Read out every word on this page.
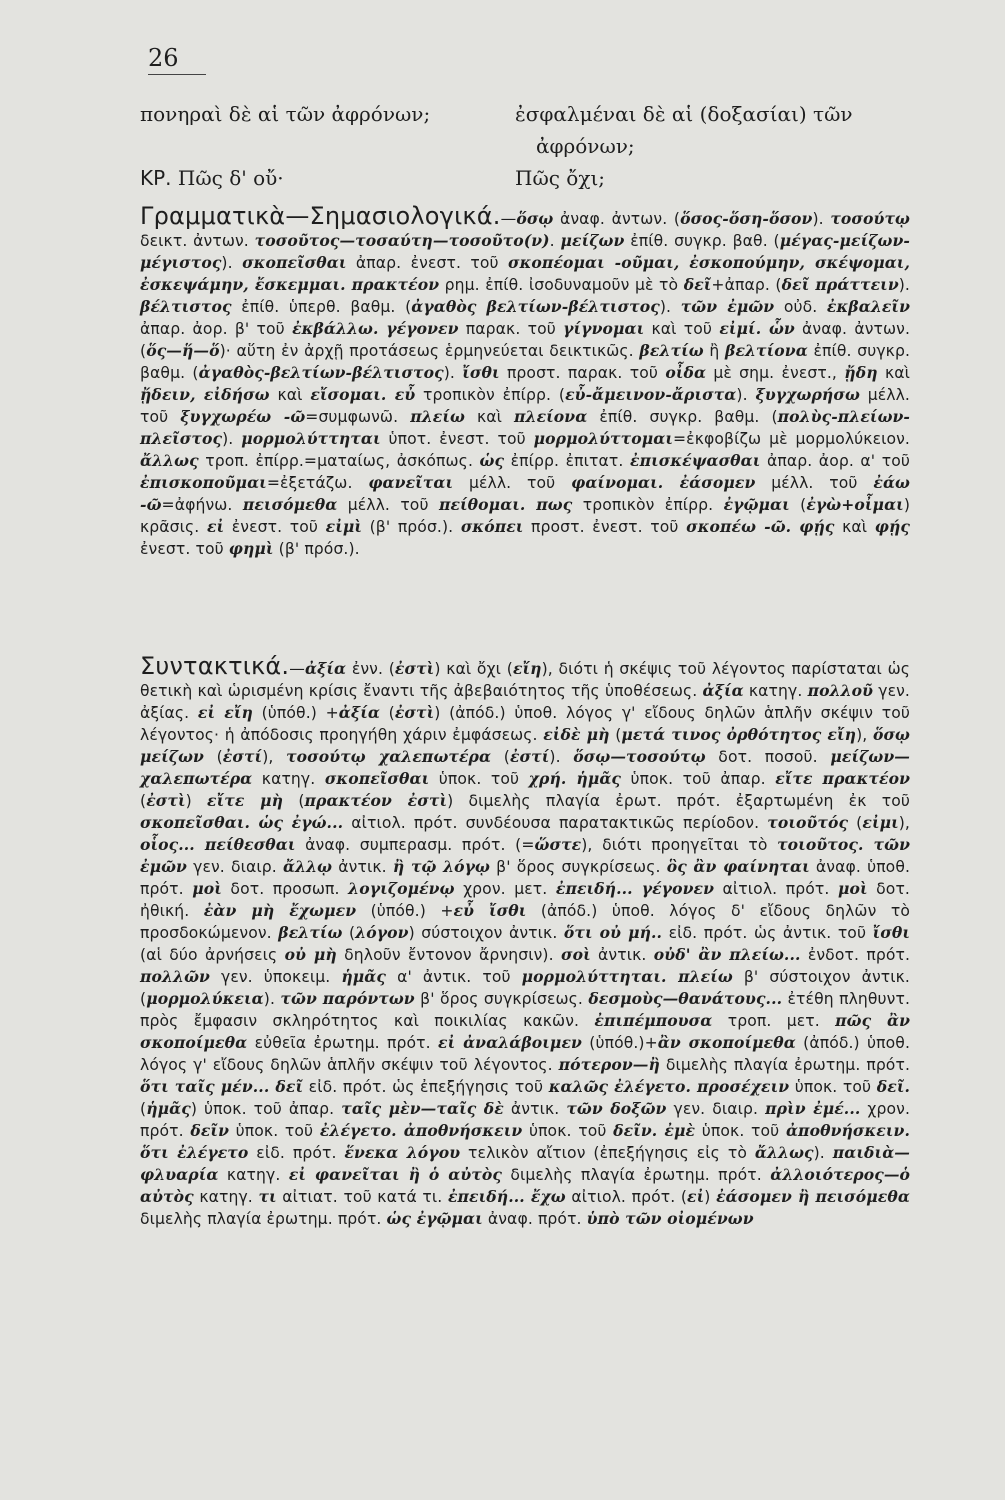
26
πονηραὶ δὲ αἱ τῶν ἀφρόνων;	ἐσφαλμέναι δὲ αἱ (δοξασίαι) τῶν
ἀφρόνων;
ΚΡ. Πῶς δ' οὔ·	Πῶς ὄχι;
Γραμματικὰ—Σημασιολογικά.—ὅσῳ ἀναφ. ἀντων. (ὅσος-ὅση-ὅσον). τοσούτῳ δεικτ. ἀντων. τοσοῦτος—τοσαύτη—τοσοῦτο(ν). μείζων ἐπίθ. συγκρ. βαθ. (μέγας-μείζων-μέγιστος). σκοπεῖσθαι ἀπαρ. ἐνεστ. τοῦ σκοπέομαι -οῦμαι, ἐσκοπούμην, σκέψομαι, ἐσκεψάμην, ἔσκεμμαι. πρακτέον ρημ. ἐπίθ. ἰσοδυναμοῦν μὲ τὸ δεῖ+ἀπαρ. (δεῖ πράττειν). βέλτιστος ἐπίθ. ὑπερθ. βαθμ. (ἀγαθὸς βελτίων-βέλτιστος). τῶν ἐμῶν οὐδ. ἐκβαλεῖν ἀπαρ. ἀορ. β' τοῦ ἐκβάλλω. γέγονεν παρακ. τοῦ γίγνομαι καὶ τοῦ εἰμί. ὧν ἀναφ. ἀντων. (ὅς—ἥ—ὅ)· αὕτη ἐν ἀρχῇ προτάσεως ἑρμηνεύεται δεικτικῶς. βελτίω ἢ βελτίονα ἐπίθ. συγκρ. βαθμ. (ἀγαθὸς-βελτίων-βέλτιστος). ἴσθι προστ. παρακ. τοῦ οἶδα μὲ σημ. ἐνεστ., ᾔδη καὶ ᾔδειν, εἰδήσω καὶ εἴσομαι. εὖ τροπικὸν ἐπίρρ. (εὖ-ἄμεινον-ἄριστα). ξυγχωρήσω μέλλ. τοῦ ξυγχωρέω -ῶ=συμφωνῶ. πλείω καὶ πλείονα ἐπίθ. συγκρ. βαθμ. (πολὺς-πλείων-πλεῖστος). μορμολύττηται ὑποτ. ἐνεστ. τοῦ μορμολύττομαι=ἐκφοβίζω μὲ μορμολύκειον. ἄλλως τροπ. ἐπίρρ.=ματαίως, ἀσκόπως. ὡς ἐπίρρ. ἐπιτατ. ἐπισκέψασθαι ἀπαρ. ἀορ. α' τοῦ ἐπισκοποῦμαι=ἐξετάζω. φανεῖται μέλλ. τοῦ φαίνομαι. ἐάσομεν μέλλ. τοῦ ἐάω -ῶ=ἀφήνω. πεισόμεθα μέλλ. τοῦ πείθομαι. πως τροπικὸν ἐπίρρ. ἐγῷμαι (ἐγὼ+οἶμαι) κρᾶσις. εἰ ἐνεστ. τοῦ εἰμὶ (β' πρόσ.). σκόπει προστ. ἐνεστ. τοῦ σκοπέω -ῶ. φῄς καὶ φῄς ἐνεστ. τοῦ φημὶ (β' πρόσ.).
Συντακτικά.—ἀξία ἐνν. (ἐστὶ) καὶ ὄχι (εἴη), διότι ἡ σκέψις τοῦ λέγοντος παρίσταται ὡς θετικὴ καὶ ὡρισμένη κρίσις ἔναντι τῆς ἀβεβαιότητος τῆς ὑποθέσεως. ἀξία κατηγ. πολλοῦ γεν. ἀξίας. εἰ εἴη (ὑπόθ.) +ἀξία (ἐστὶ) (ἀπόδ.) ὑποθ. λόγος γ' εἴδους δηλῶν ἁπλῆν σκέψιν τοῦ λέγοντος· ἡ ἀπόδοσις προηγήθη χάριν ἐμφάσεως. εἰδὲ μὴ (μετά τινος ὀρθότητος εἴη), ὅσῳ μείζων (ἐστί), τοσούτῳ χαλεπωτέρα (ἐστί). ὅσῳ—τοσούτῳ δοτ. ποσοῦ. μείζων—χαλεπωτέρα κατηγ. σκοπεῖσθαι ὑποκ. τοῦ χρή. ἡμᾶς ὑποκ. τοῦ ἀπαρ. εἴτε πρακτέον (ἐστὶ) εἴτε μὴ (πρακτέον ἐστὶ) διμελὴς πλαγία ἐρωτ. πρότ. ἐξαρτωμένη ἐκ τοῦ σκοπεῖσθαι. ὡς ἐγώ... αἰτιολ. πρότ. συνδέουσα παρατακτικῶς περίοδον. τοιοῦτός (εἰμι), οἷος... πείθεσθαι ἀναφ. συμπερασμ. πρότ. (=ὥστε), διότι προηγεῖται τὸ τοιοῦτος. τῶν ἐμῶν γεν. διαιρ. ἄλλῳ ἀντικ. ἢ τῷ λόγῳ β' ὅρος συγκρίσεως. ὃς ἂν φαίνηται ἀναφ. ὑποθ. πρότ. μοὶ δοτ. προσωπ. λογιζομένῳ χρον. μετ. ἐπειδή... γέγονεν αἰτιολ. πρότ. μοὶ δοτ. ἠθική. ἐὰν μὴ ἔχωμεν (ὑπόθ.) +εὖ ἴσθι (ἀπόδ.) ὑποθ. λόγος δ' εἴδους δηλῶν τὸ προσδοκώμενον. βελτίω (λόγον) σύστοιχον ἀντικ. ὅτι οὐ μή.. εἰδ. πρότ. ὡς ἀντικ. τοῦ ἴσθι (αἱ δύο ἀρνήσεις οὐ μὴ δηλοῦν ἔντονον ἄρνησιν). σοὶ ἀντικ. οὐδ' ἂν πλείω... ἐνδοτ. πρότ. πολλῶν γεν. ὑποκειμ. ἡμᾶς α' ἀντικ. τοῦ μορμολύττηται. πλείω β' σύστοιχον ἀντικ. (μορμολύκεια). τῶν παρόντων β' ὅρος συγκρίσεως. δεσμοὺς—θανάτους... ἐτέθη πληθυντ. πρὸς ἔμφασιν σκληρότητος καὶ ποικιλίας κακῶν. ἐπιπέμπουσα τροπ. μετ. πῶς ἂν σκοποίμεθα εὐθεῖα ἐρωτημ. πρότ. εἰ ἀναλάβοιμεν (ὑπόθ.)+ἂν σκοποίμεθα (ἀπόδ.) ὑποθ. λόγος γ' εἴδους δηλῶν ἁπλῆν σκέψιν τοῦ λέγοντος. πότερον—ἢ διμελὴς πλαγία ἐρωτημ. πρότ. ὅτι ταῖς μέν... δεῖ εἰδ. πρότ. ὡς ἐπεξήγησις τοῦ καλῶς ἐλέγετο. προσέχειν ὑποκ. τοῦ δεῖ. (ἡμᾶς) ὑποκ. τοῦ ἀπαρ. ταῖς μὲν—ταῖς δὲ ἀντικ. τῶν δοξῶν γεν. διαιρ. πρὶν ἐμέ... χρον. πρότ. δεῖν ὑποκ. τοῦ ἐλέγετο. ἀποθνήσκειν ὑποκ. τοῦ δεῖν. ἐμὲ ὑποκ. τοῦ ἀποθνήσκειν. ὅτι ἐλέγετο εἰδ. πρότ. ἕνεκα λόγου τελικὸν αἴτιον (ἐπεξήγησις εἰς τὸ ἄλλως). παιδιὰ—φλυαρία κατηγ. εἰ φανεῖται ἢ ὁ αὐτὸς διμελὴς πλαγία ἐρωτημ. πρότ. ἀλλοιότερος—ὁ αὐτὸς κατηγ. τι αἰτιατ. τοῦ κατά τι. ἐπειδή... ἔχω αἰτιολ. πρότ. (εἰ) ἐάσομεν ἢ πεισόμεθα διμελὴς πλαγία ἐρωτημ. πρότ. ὡς ἐγῷμαι ἀναφ. πρότ. ὑπὸ τῶν οἰομένων
